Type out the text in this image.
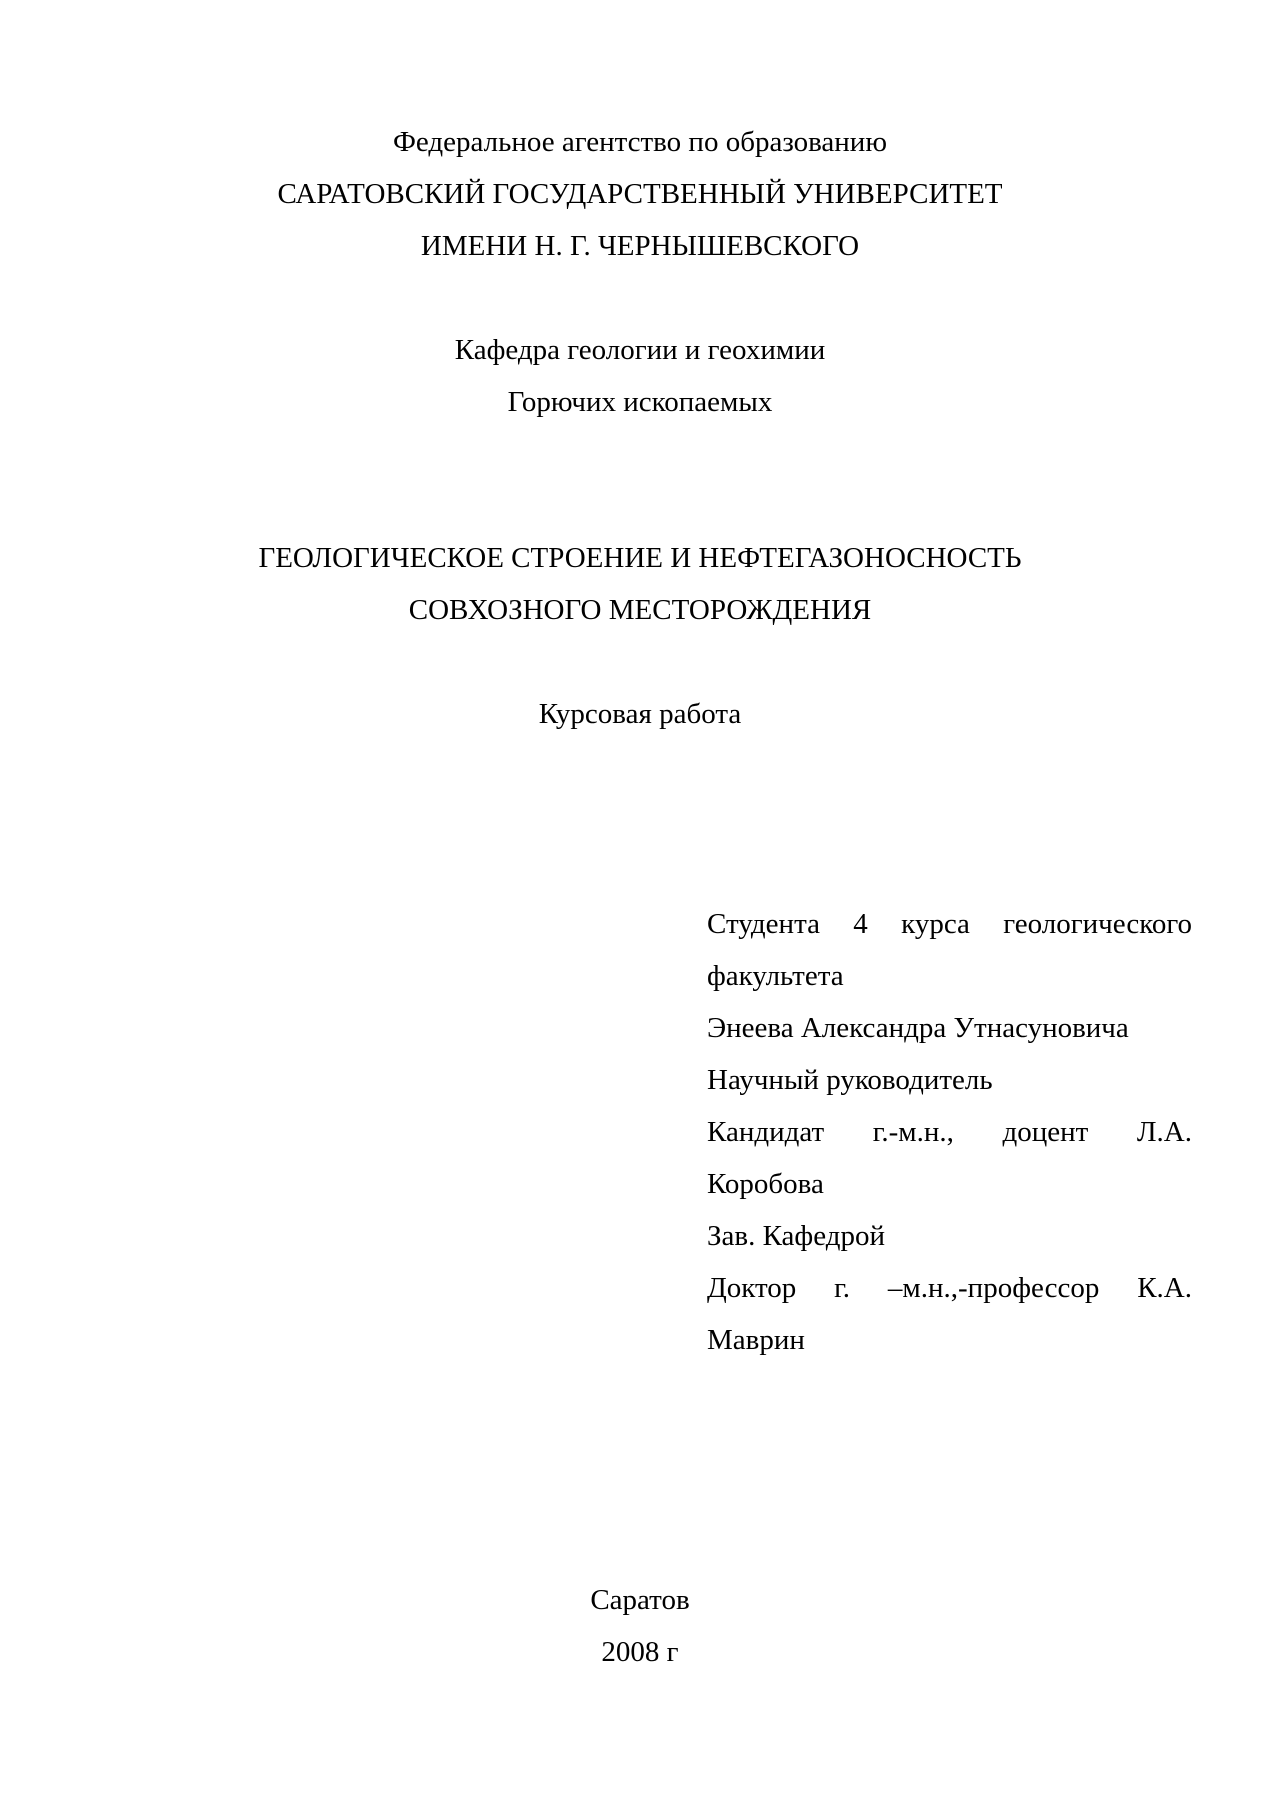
Федеральное агентство по образованию
САРАТОВСКИЙ ГОСУДАРСТВЕННЫЙ УНИВЕРСИТЕТ
ИМЕНИ Н. Г. ЧЕРНЫШЕВСКОГО
Кафедра геологии и геохимии
Горючих ископаемых
ГЕОЛОГИЧЕСКОЕ СТРОЕНИЕ И НЕФТЕГАЗОНОСНОСТЬ
СОВХОЗНОГО МЕСТОРОЖДЕНИЯ
Курсовая работа
Студента 4 курса геологического
факультета
Энеева Александра Утнасуновича
Научный руководитель
Кандидат г.-м.н., доцент Л.А.
Коробова
Зав. Кафедрой
Доктор г. –м.н.,-профессор К.А.
Маврин
Саратов
2008 г
